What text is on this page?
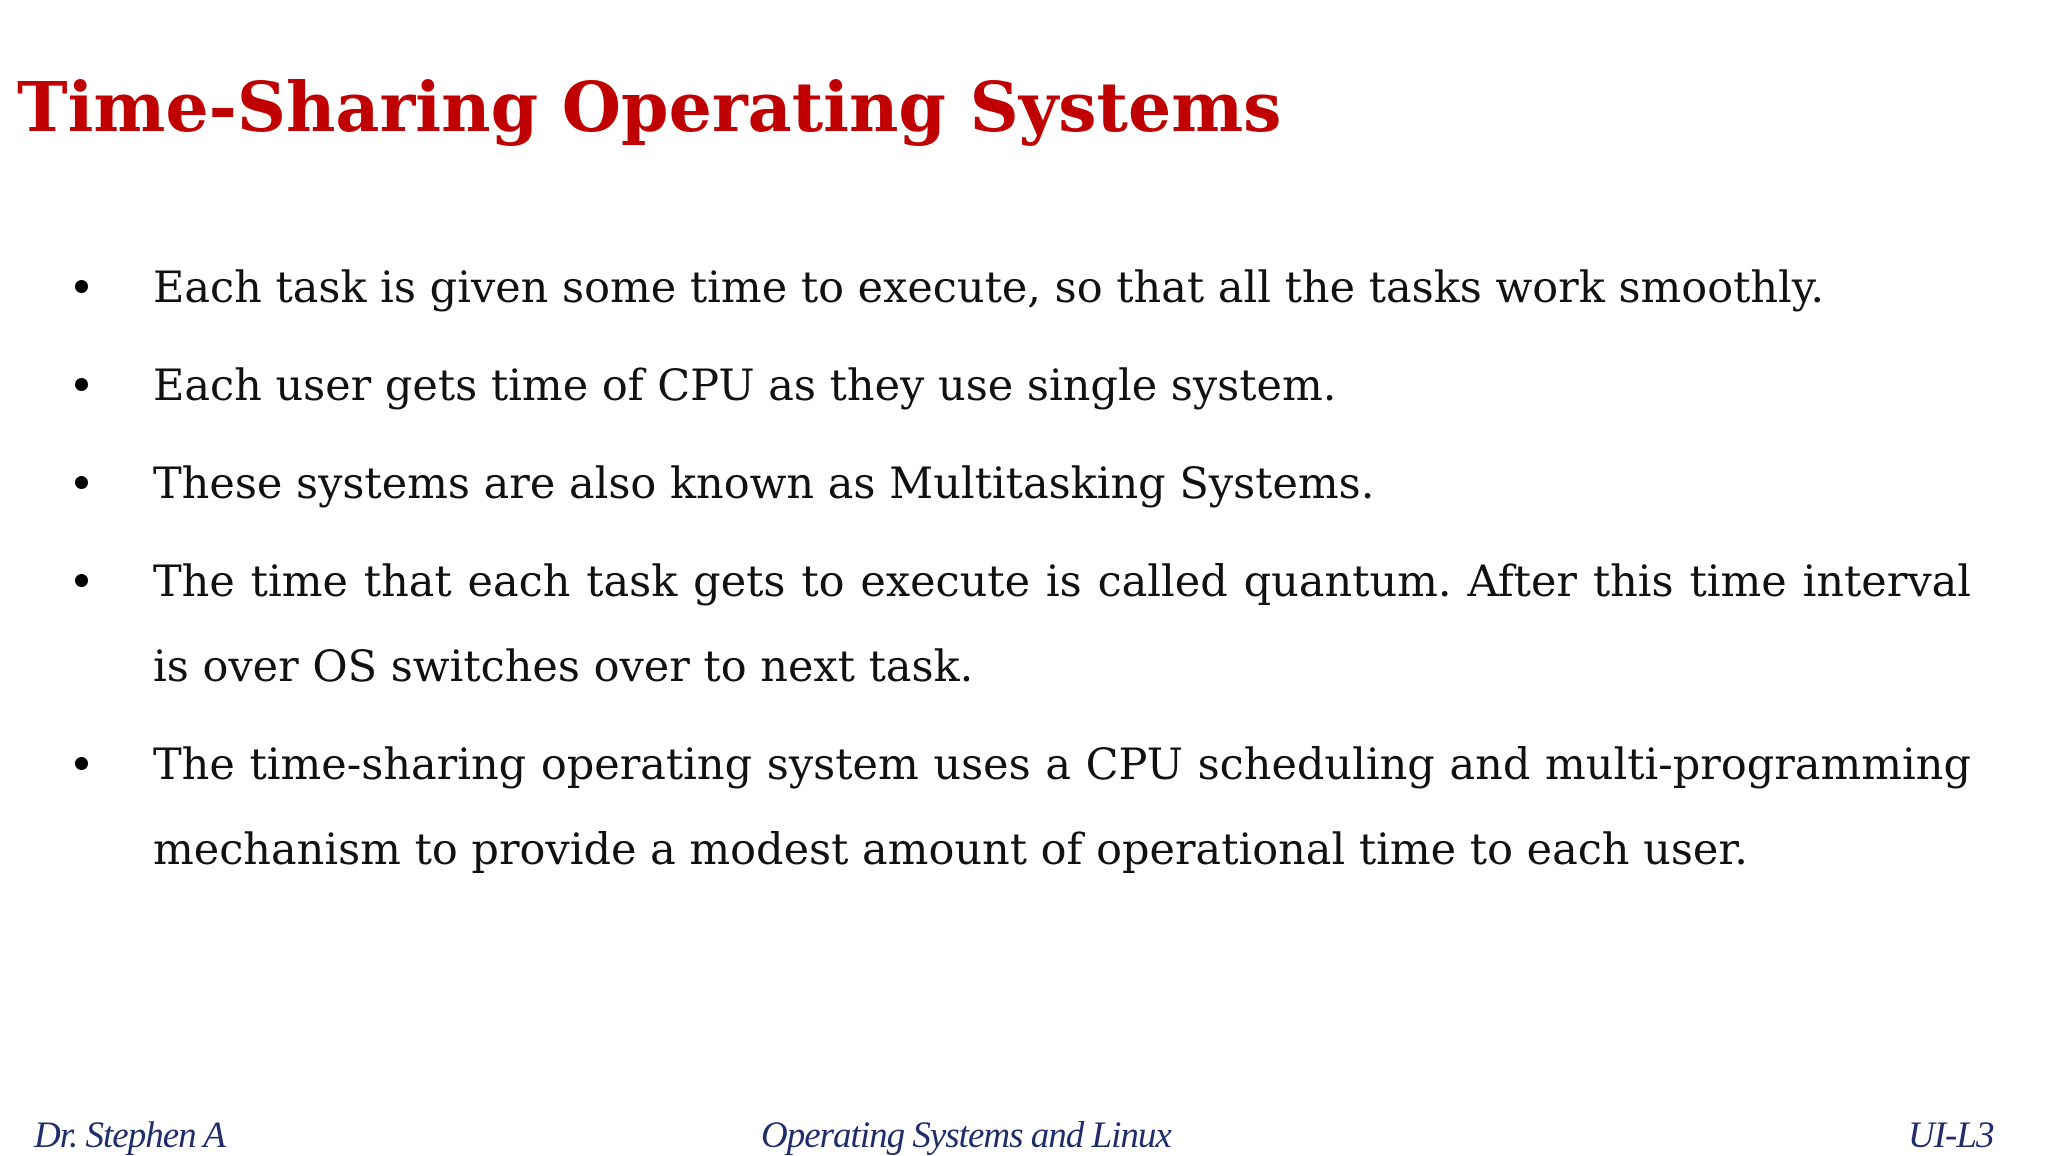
Time-Sharing Operating Systems
Each task is given some time to execute, so that all the tasks work smoothly.
Each user gets time of CPU as they use single system.
These systems are also known as Multitasking Systems.
The time that each task gets to execute is called quantum. After this time interval is over OS switches over to next task.
The time-sharing operating system uses a CPU scheduling and multi-programming mechanism to provide a modest amount of operational time to each user.
Dr. Stephen A	Operating Systems and Linux	UI-L3
